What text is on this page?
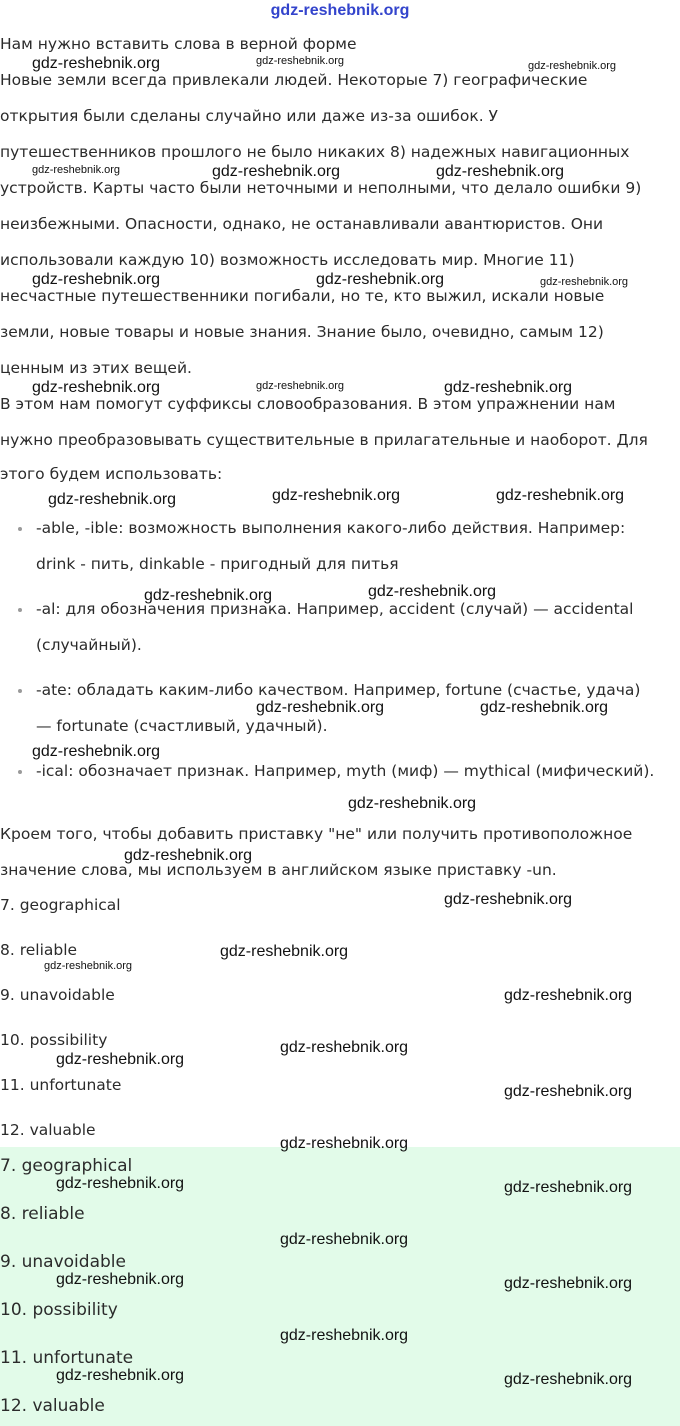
gdz-reshebnik.org
Нам нужно вставить слова в верной форме
Новые земли всегда привлекали людей. Некоторые 7) географические
открытия были сделаны случайно или даже из-за ошибок. У
путешественников прошлого не было никаких 8) надежных навигационных
устройств. Карты часто были неточными и неполными, что делало ошибки 9)
неизбежными. Опасности, однако, не останавливали авантюристов. Они
использовали каждую 10) возможность исследовать мир. Многие 11)
несчастные путешественники погибали, но те, кто выжил, искали новые
земли, новые товары и новые знания. Знание было, очевидно, самым 12)
ценным из этих вещей.
В этом нам помогут суффиксы словообразования. В этом упражнении нам
нужно преобразовывать существительные в прилагательные и наоборот. Для
этого будем использовать:
-able, -ible: возможность выполнения какого-либо действия. Например:
drink - пить, dinkable - пригодный для питья
-al: для обозначения признака. Например, accident (случай) — accidental
(случайный).
-ate: обладать каким-либо качеством. Например, fortune (счастье, удача)
— fortunate (счастливый, удачный).
-ical: обозначает признак. Например, myth (миф) — mythical (мифический).
Кроем того, чтобы добавить приставку "не" или получить противоположное
значение слова, мы используем в английском языке приставку -un.
7. geographical
8. reliable
9. unavoidable
10. possibility
11. unfortunate
12. valuable
7. geographical
8. reliable
9. unavoidable
10. possibility
11. unfortunate
12. valuable
gdz-reshebnik.org	gdz-reshebnik.org	gdz-reshebnik.org
gdz-reshebnik.org	gdz-reshebnik.org	gdz-reshebnik.org
gdz-reshebnik.org	gdz-reshebnik.org	gdz-reshebnik.org
gdz-reshebnik.org	gdz-reshebnik.org	gdz-reshebnik.org
gdz-reshebnik.org	gdz-reshebnik.org	gdz-reshebnik.org
gdz-reshebnik.org	gdz-reshebnik.org
gdz-reshebnik.org	gdz-reshebnik.org
gdz-reshebnik.org
gdz-reshebnik.org
gdz-reshebnik.org
gdz-reshebnik.org
gdz-reshebnik.org
gdz-reshebnik.org
gdz-reshebnik.org
gdz-reshebnik.org
gdz-reshebnik.org
gdz-reshebnik.org
gdz-reshebnik.org
gdz-reshebnik.org	gdz-reshebnik.org
gdz-reshebnik.org
gdz-reshebnik.org	gdz-reshebnik.org
gdz-reshebnik.org
gdz-reshebnik.org	gdz-reshebnik.org
